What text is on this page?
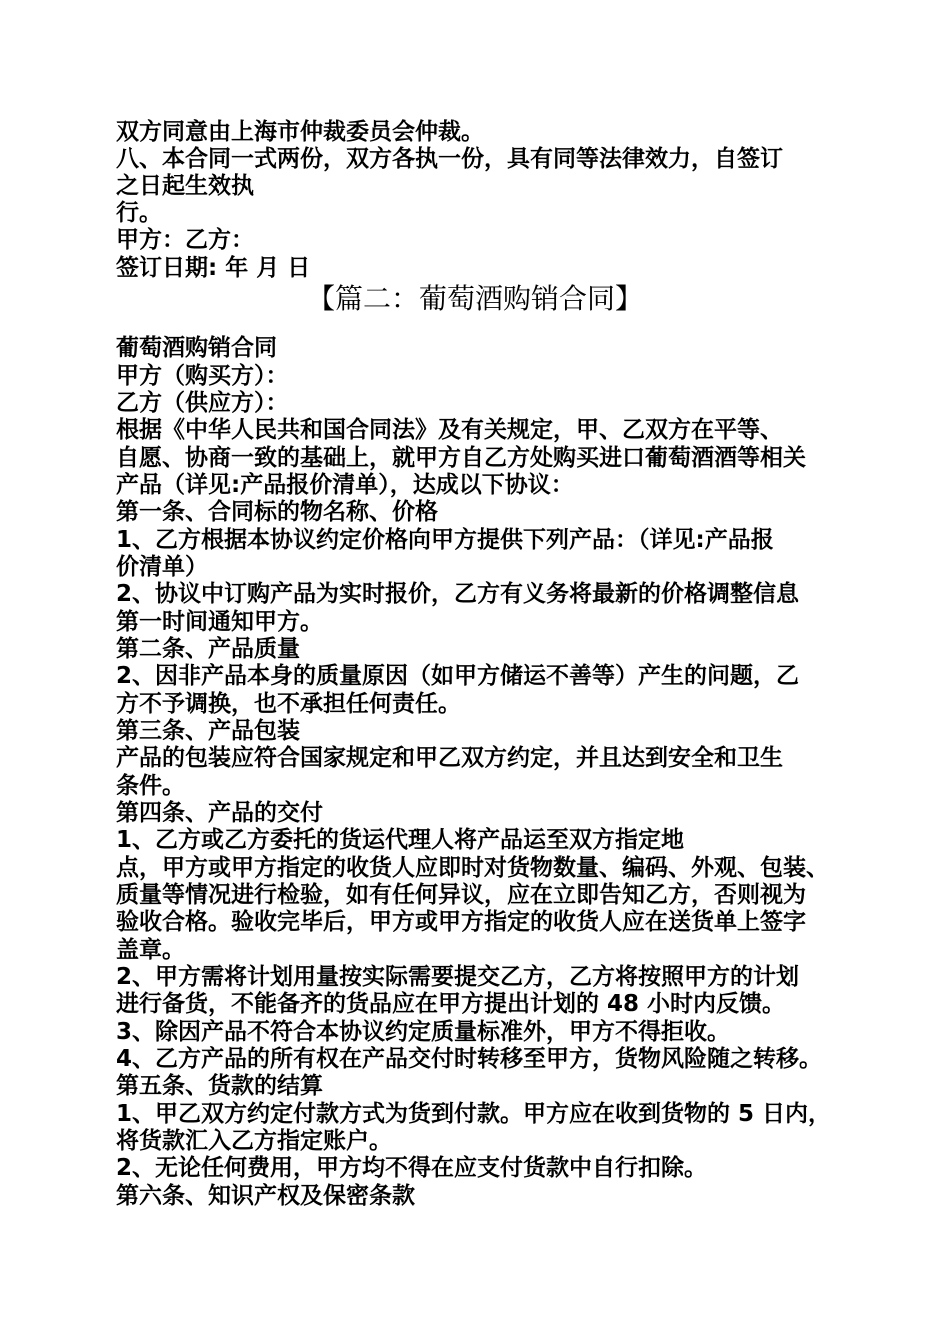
双方同意由上海市仲裁委员会仲裁。
八、本合同一式两份，双方各执一份，具有同等法律效力，自签订
之日起生效执
行。
甲方：乙方：
签订日期: 年 月 日
【篇二：葡萄酒购销合同】
葡萄酒购销合同
甲方（购买方）：
乙方（供应方）：
根据《中华人民共和国合同法》及有关规定，甲、乙双方在平等、
自愿、协商一致的基础上，就甲方自乙方处购买进口葡萄酒酒等相关
产品（详见:产品报价清单），达成以下协议：
第一条、合同标的物名称、价格
1、乙方根据本协议约定价格向甲方提供下列产品：（详见:产品报
价清单）
2、协议中订购产品为实时报价，乙方有义务将最新的价格调整信息
第一时间通知甲方。
第二条、产品质量
2、因非产品本身的质量原因（如甲方储运不善等）产生的问题，乙
方不予调换，也不承担任何责任。
第三条、产品包装
产品的包装应符合国家规定和甲乙双方约定，并且达到安全和卫生
条件。
第四条、产品的交付
1、乙方或乙方委托的货运代理人将产品运至双方指定地
点，甲方或甲方指定的收货人应即时对货物数量、编码、外观、包装、
质量等情况进行检验，如有任何异议，应在立即告知乙方，否则视为
验收合格。验收完毕后，甲方或甲方指定的收货人应在送货单上签字
盖章。
2、甲方需将计划用量按实际需要提交乙方，乙方将按照甲方的计划
进行备货，不能备齐的货品应在甲方提出计划的 48 小时内反馈。
3、除因产品不符合本协议约定质量标准外，甲方不得拒收。
4、乙方产品的所有权在产品交付时转移至甲方，货物风险随之转移。
第五条、货款的结算
1、甲乙双方约定付款方式为货到付款。甲方应在收到货物的 5 日内，
将货款汇入乙方指定账户。
2、无论任何费用，甲方均不得在应支付货款中自行扣除。
第六条、知识产权及保密条款
